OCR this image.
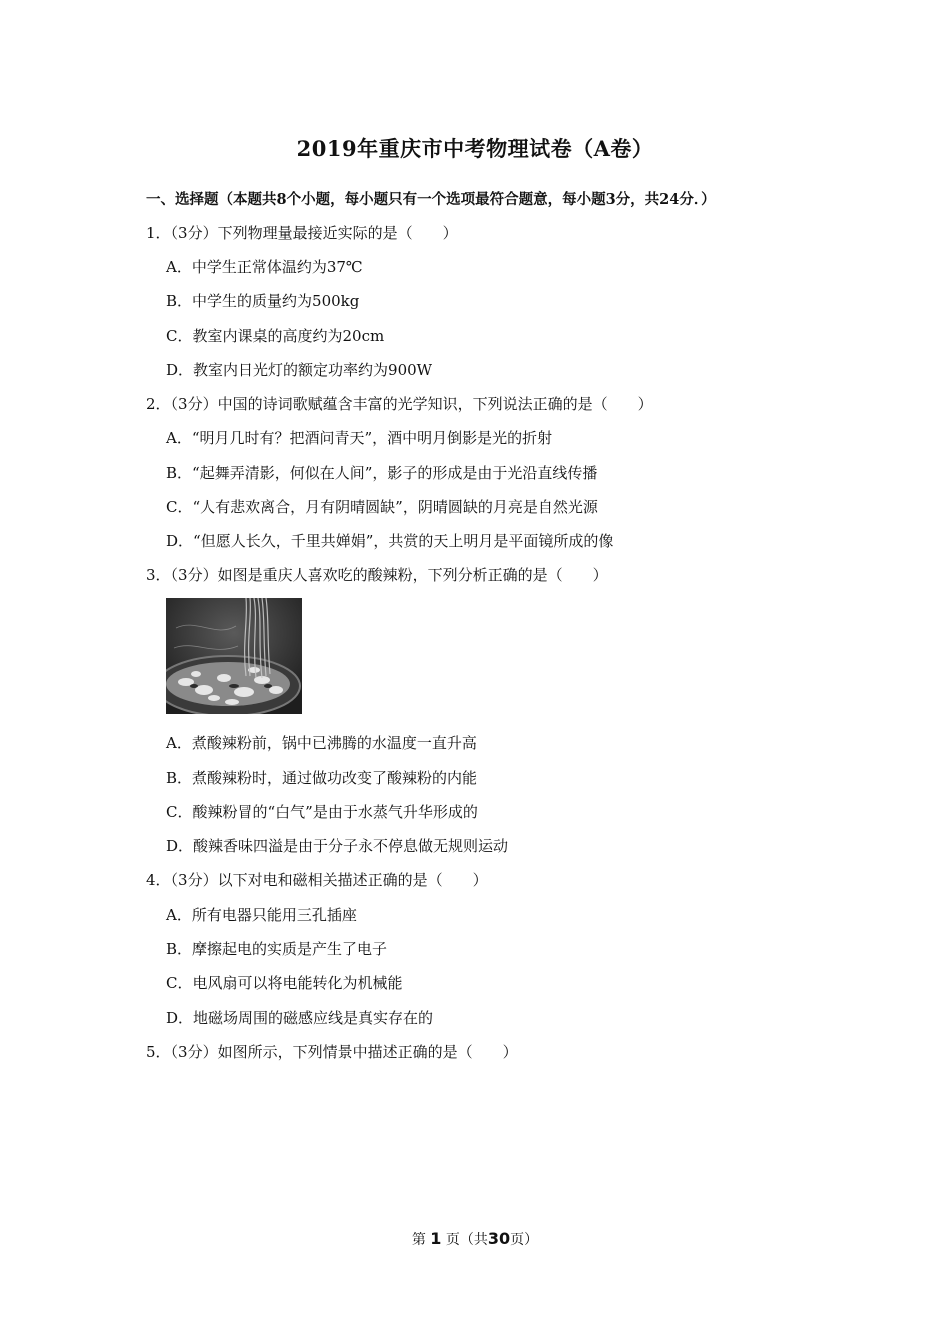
2019年重庆市中考物理试卷（A卷）
一、选择题（本题共8个小题，每小题只有一个选项最符合题意，每小题3分，共24分．）
1．（3分）下列物理量最接近实际的是（　　）
A．中学生正常体温约为37℃
B．中学生的质量约为500kg
C．教室内课桌的高度约为20cm
D．教室内日光灯的额定功率约为900W
2．（3分）中国的诗词歌赋蕴含丰富的光学知识，下列说法正确的是（　　）
A．“明月几时有？把酒问青天”，酒中明月倒影是光的折射
B．“起舞弄清影，何似在人间”，影子的形成是由于光沿直线传播
C．“人有悲欢离合，月有阴晴圆缺”，阴晴圆缺的月亮是自然光源
D．“但愿人长久，千里共婵娟”，共赏的天上明月是平面镜所成的像
3．（3分）如图是重庆人喜欢吃的酸辣粉，下列分析正确的是（　　）
A．煮酸辣粉前，锅中已沸腾的水温度一直升高
B．煮酸辣粉时，通过做功改变了酸辣粉的内能
C．酸辣粉冒的“白气”是由于水蒸气升华形成的
D．酸辣香味四溢是由于分子永不停息做无规则运动
4．（3分）以下对电和磁相关描述正确的是（　　）
A．所有电器只能用三孔插座
B．摩擦起电的实质是产生了电子
C．电风扇可以将电能转化为机械能
D．地磁场周围的磁感应线是真实存在的
5．（3分）如图所示，下列情景中描述正确的是（　　）
第 1 页（共30页）
